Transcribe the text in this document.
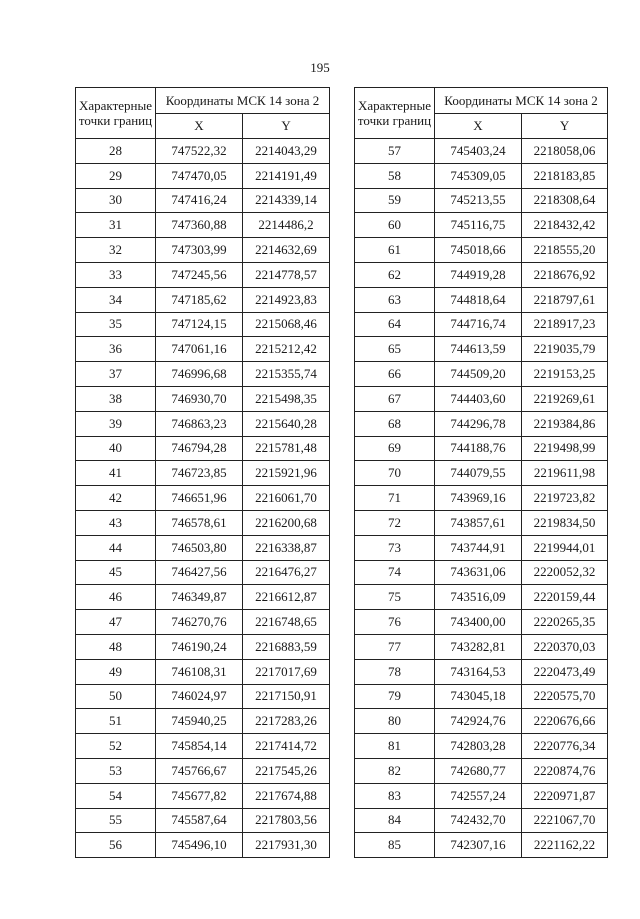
195
Характерные
точки границ	Координаты МСК 14 зона 2	
	X	Y
28	747522,32	2214043,29
29	747470,05	2214191,49
30	747416,24	2214339,14
31	747360,88	2214486,2
32	747303,99	2214632,69
33	747245,56	2214778,57
34	747185,62	2214923,83
35	747124,15	2215068,46
36	747061,16	2215212,42
37	746996,68	2215355,74
38	746930,70	2215498,35
39	746863,23	2215640,28
40	746794,28	2215781,48
41	746723,85	2215921,96
42	746651,96	2216061,70
43	746578,61	2216200,68
44	746503,80	2216338,87
45	746427,56	2216476,27
46	746349,87	2216612,87
47	746270,76	2216748,65
48	746190,24	2216883,59
49	746108,31	2217017,69
50	746024,97	2217150,91
51	745940,25	2217283,26
52	745854,14	2217414,72
53	745766,67	2217545,26
54	745677,82	2217674,88
55	745587,64	2217803,56
56	745496,10	2217931,30
Характерные
точки границ	Координаты МСК 14 зона 2	
	X	Y
57	745403,24	2218058,06
58	745309,05	2218183,85
59	745213,55	2218308,64
60	745116,75	2218432,42
61	745018,66	2218555,20
62	744919,28	2218676,92
63	744818,64	2218797,61
64	744716,74	2218917,23
65	744613,59	2219035,79
66	744509,20	2219153,25
67	744403,60	2219269,61
68	744296,78	2219384,86
69	744188,76	2219498,99
70	744079,55	2219611,98
71	743969,16	2219723,82
72	743857,61	2219834,50
73	743744,91	2219944,01
74	743631,06	2220052,32
75	743516,09	2220159,44
76	743400,00	2220265,35
77	743282,81	2220370,03
78	743164,53	2220473,49
79	743045,18	2220575,70
80	742924,76	2220676,66
81	742803,28	2220776,34
82	742680,77	2220874,76
83	742557,24	2220971,87
84	742432,70	2221067,70
85	742307,16	2221162,22
